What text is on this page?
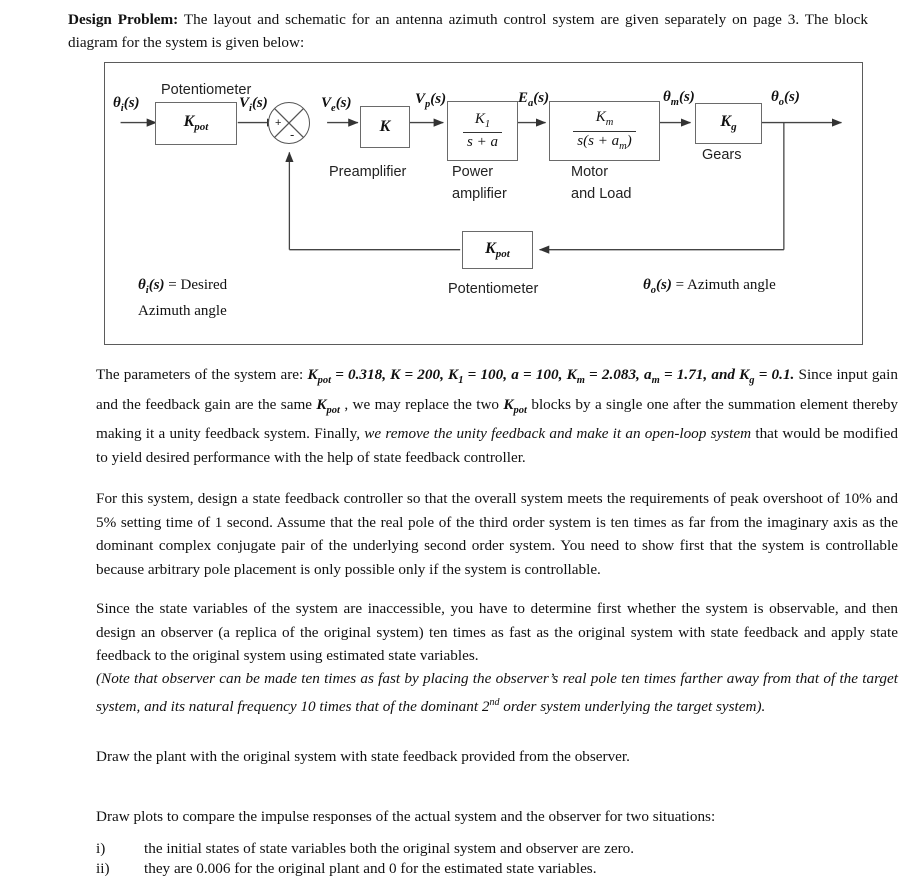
Design Problem: The layout and schematic for an antenna azimuth control system are given separately on page 3. The block diagram for the system is given below:
Potentiometer
$\theta_i(s)$
$K_{pot}$
$V_i(s)$
+
-
$V_e(s)$
K
Preamplifier
$V_p(s)$
$\frac{K_1}{s + a}$
Power
amplifier
$E_a(s)$
$\frac{K_m}{s(s + a_m)}$
Motor
and Load
$\theta_m(s)$
$K_g$
Gears
$\theta_o(s)$
$K_{pot}$
Potentiometer
$\theta_i(s)$ = Desired
Azimuth angle
$\theta_o(s)$ = Azimuth angle
The parameters of the system are: $K_{pot} = 0.318$, K = 200, $K_1 = 100$, a = 100, $K_m = 2.083$, $a_m = 1.71$, and $K_g = 0.1$. Since input gain and the feedback gain are the same $K_{pot}$ , we may replace the two $K_{pot}$ blocks by a single one after the summation element thereby making it a unity feedback system. Finally, we remove the unity feedback and make it an open-loop system that would be modified to yield desired performance with the help of state feedback controller.
For this system, design a state feedback controller so that the overall system meets the requirements of peak overshoot of 10% and 5% setting time of 1 second. Assume that the real pole of the third order system is ten times as far from the imaginary axis as the dominant complex conjugate pair of the underlying second order system. You need to show first that the system is controllable because arbitrary pole placement is only possible only if the system is controllable.
Since the state variables of the system are inaccessible, you have to determine first whether the system is observable, and then design an observer (a replica of the original system) ten times as fast as the original system with state feedback and apply state feedback to the original system using estimated state variables.
(Note that observer can be made ten times as fast by placing the observer’s real pole ten times farther away from that of the target system, and its natural frequency 10 times that of the dominant 2nd order system underlying the target system).
Draw the plant with the original system with state feedback provided from the observer.
Draw plots to compare the impulse responses of the actual system and the observer for two situations:
i)	the initial states of state variables both the original system and observer are zero.
ii) they are 0.006 for the original plant and 0 for the estimated state variables.
